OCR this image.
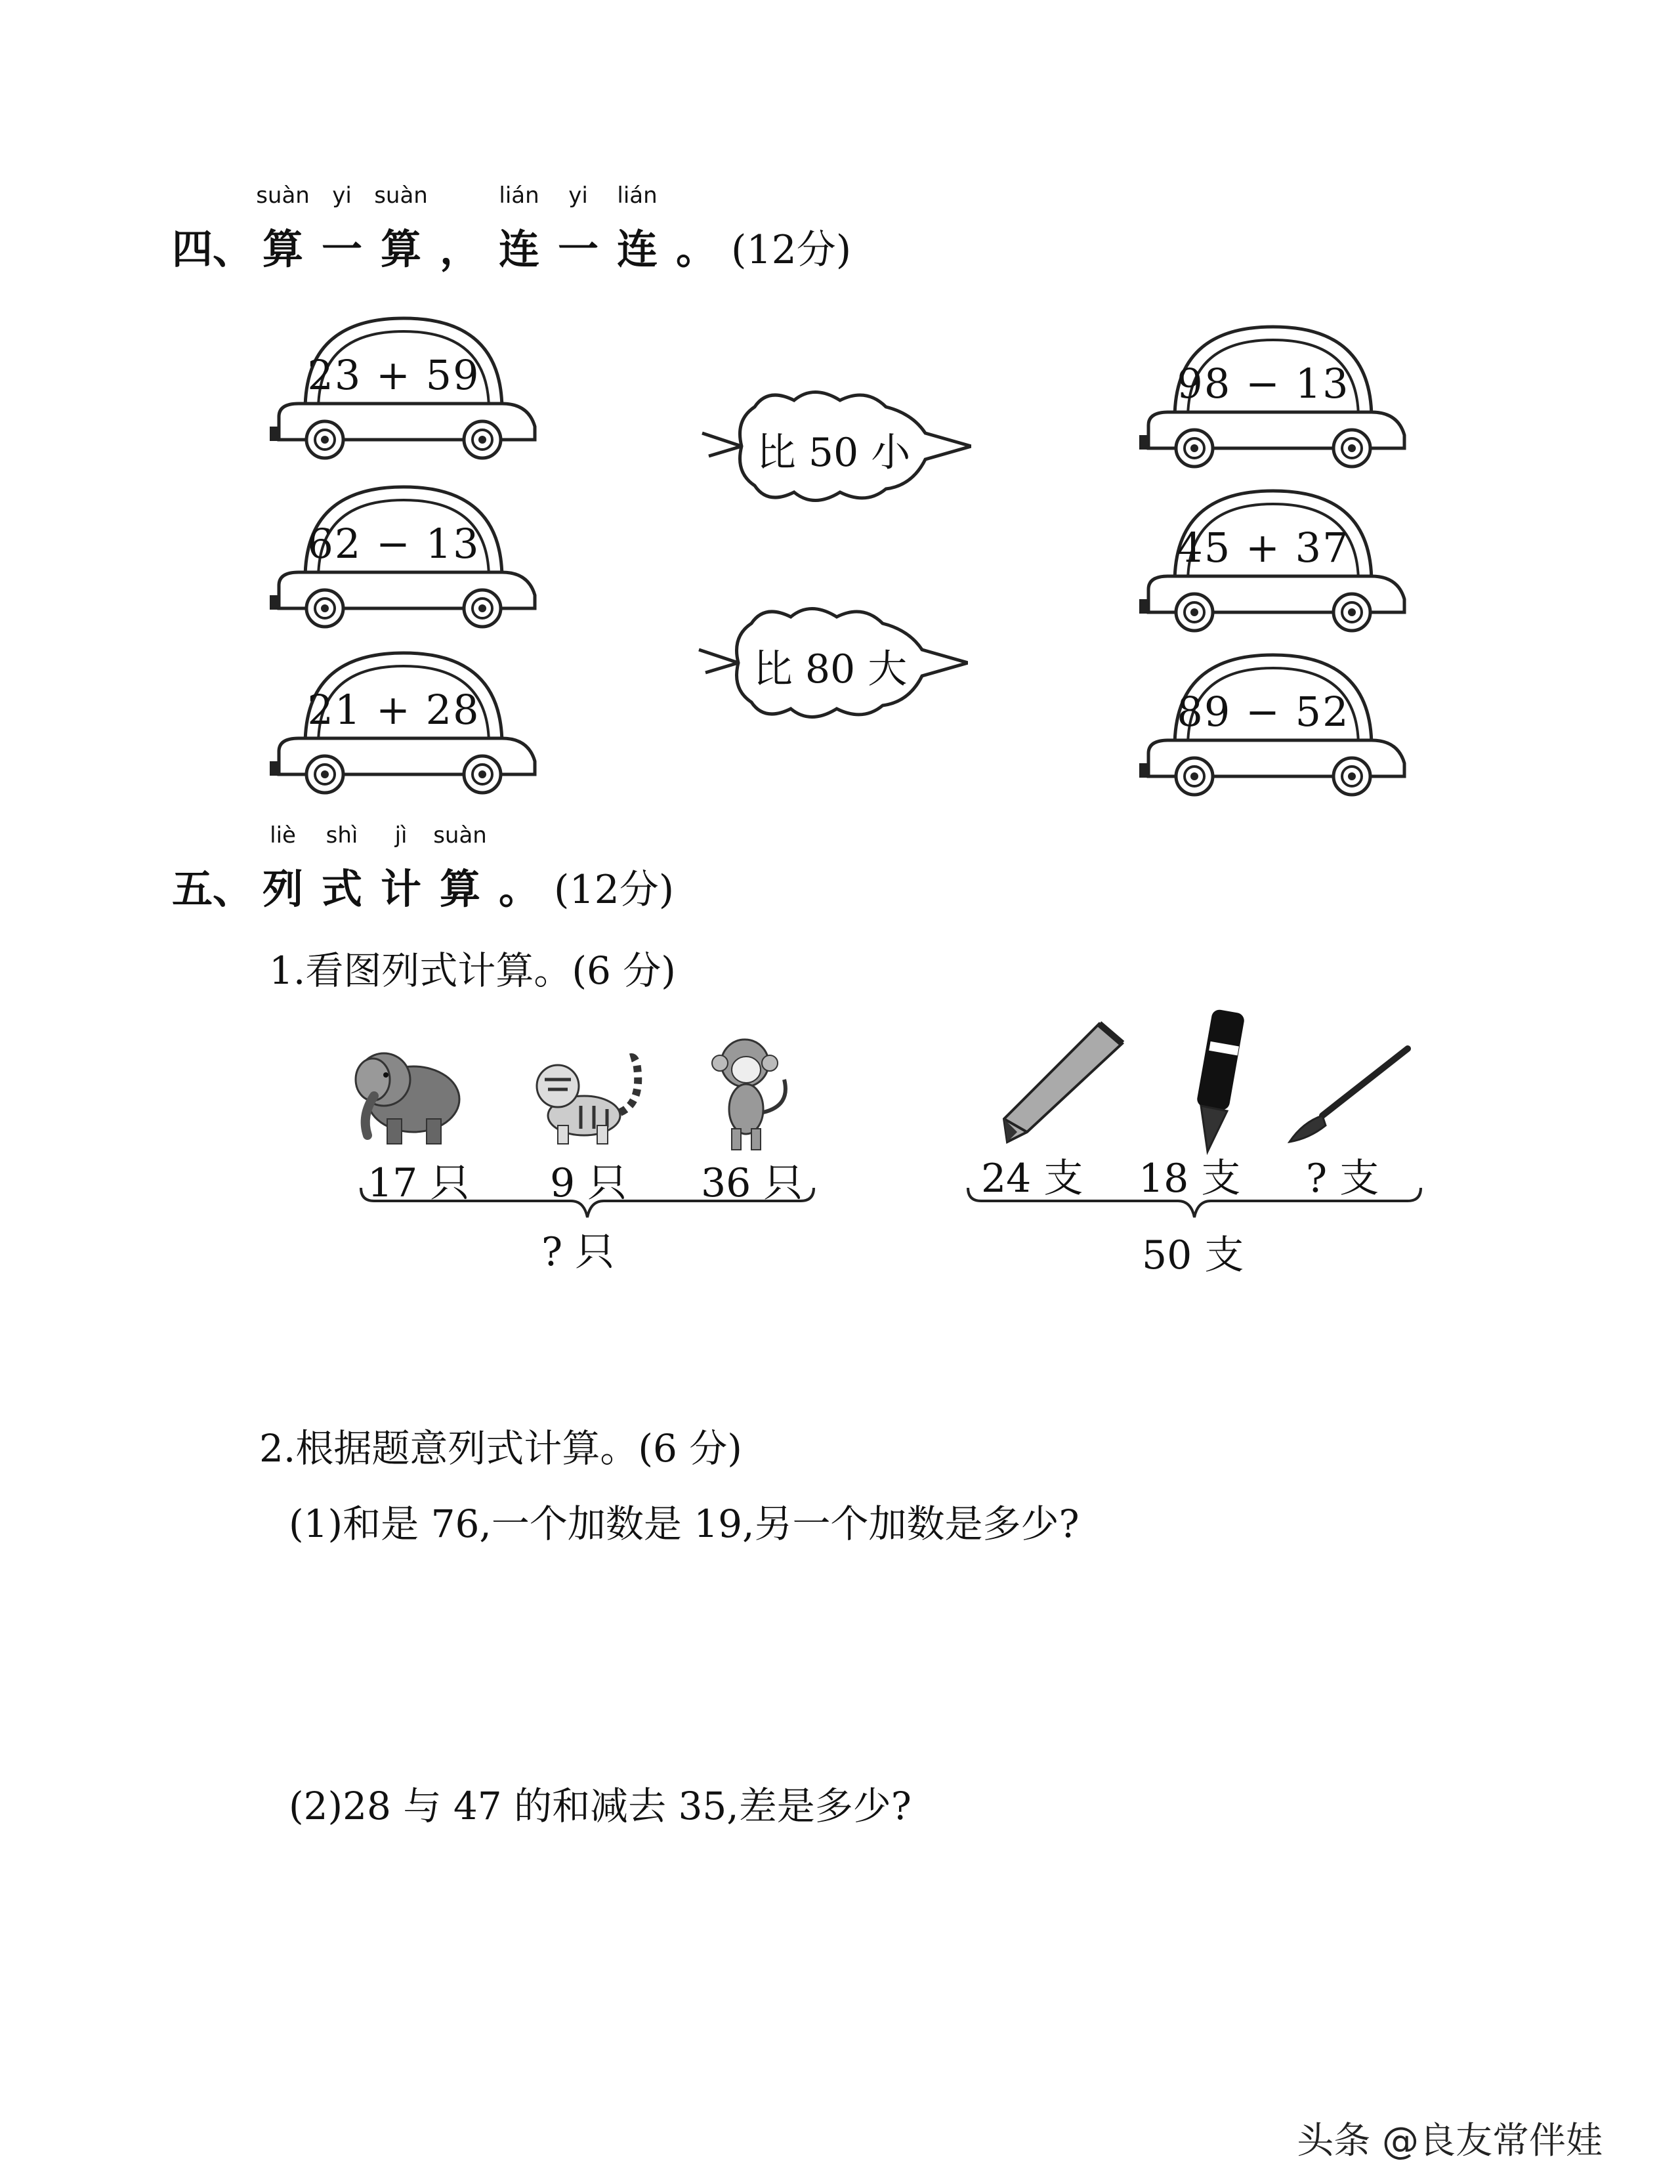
四、 算
suàn
一
yi
算
suàn
， 连
lián
一
yi
连
lián
。 (12分)
23 + 59
62 − 13
21 + 28
98 − 13
45 + 37
89 − 52
比 50 小
比 80 大
五、 列
liè
式
shì
计
jì
算
suàn
。 (12分)
1.看图列式计算。(6 分)
17 只 9 只 36 只
? 只
24 支 18 支 ? 支
50 支
2.根据题意列式计算。(6 分)
(1)和是 76,一个加数是 19,另一个加数是多少?
(2)28 与 47 的和减去 35,差是多少?
头条 @良友常伴娃
